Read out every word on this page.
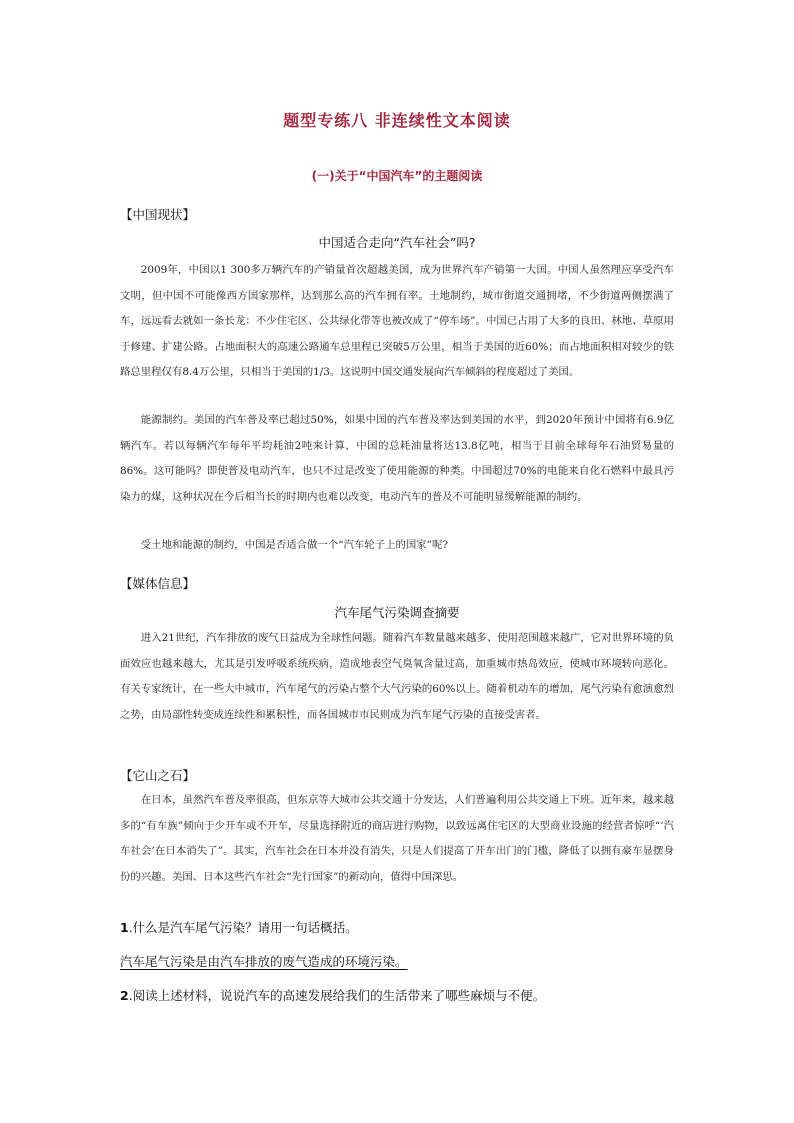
题型专练八 非连续性文本阅读
(一)关于“中国汽车”的主题阅读
【中国现状】
中国适合走向“汽车社会”吗?

2009年，中国以1 300多万辆汽车的产销量首次超越美国，成为世界汽车产销第一大国。中国人虽然理应享受汽车文明，但中国不可能像西方国家那样，达到那么高的汽车拥有率。土地制约，城市街道交通拥堵，不少街道两侧摆满了车，远远看去就如一条长龙：不少住宅区、公共绿化带等也被改成了“停车场”。中国已占用了大多的良田、林地、草原用于修建、扩建公路。占地面积大的高速公路通车总里程已突破5万公里，相当于美国的近60%；而占地面积相对较少的铁路总里程仅有8.4万公里，只相当于美国的1/3。这说明中国交通发展向汽车倾斜的程度超过了美国。

能源制约。美国的汽车普及率已超过50%，如果中国的汽车普及率达到美国的水平，到2020年预计中国将有6.9亿辆汽车。若以每辆汽车每年平均耗油2吨来计算，中国的总耗油量将达13.8亿吨，相当于目前全球每年石油贸易量的86%。这可能吗？即使普及电动汽车，也只不过是改变了使用能源的种类。中国超过70%的电能来自化石燃料中最具污染力的煤，这种状况在今后相当长的时期内也难以改变，电动汽车的普及不可能明显缓解能源的制约。

受土地和能源的制约，中国是否适合做一个“汽车轮子上的国家”呢?

【媒体信息】
汽车尾气污染调查摘要

进入21世纪，汽车排放的废气日益成为全球性问题。随着汽车数量越来越多、使用范围越来越广，它对世界环境的负面效应也越来越大，尤其是引发呼吸系统疾病，造成地表空气臭氧含量过高，加重城市热岛效应，使城市环境转向恶化。有关专家统计，在一些大中城市，汽车尾气的污染占整个大气污染的60%以上。随着机动车的增加，尾气污染有愈演愈烈之势，由局部性转变成连续性和累积性，而各国城市市民则成为汽车尾气污染的直接受害者。

【它山之石】

在日本，虽然汽车普及率很高，但东京等大城市公共交通十分发达，人们普遍利用公共交通上下班。近年来，越来越多的“有车族”倾向于少开车或不开车，尽量选择附近的商店进行购物，以致远离住宅区的大型商业设施的经营者惊呼“‘汽车社会’在日本消失了”。其实，汽车社会在日本并没有消失，只是人们提高了开车出门的门槛，降低了以拥有豪车显摆身份的兴趣。美国、日本这些汽车社会“先行国家”的新动向，值得中国深思。

1.什么是汽车尾气污染？请用一句话概括。
汽车尾气污染是由汽车排放的废气造成的环境污染。
2.阅读上述材料，说说汽车的高速发展给我们的生活带来了哪些麻烦与不便。
